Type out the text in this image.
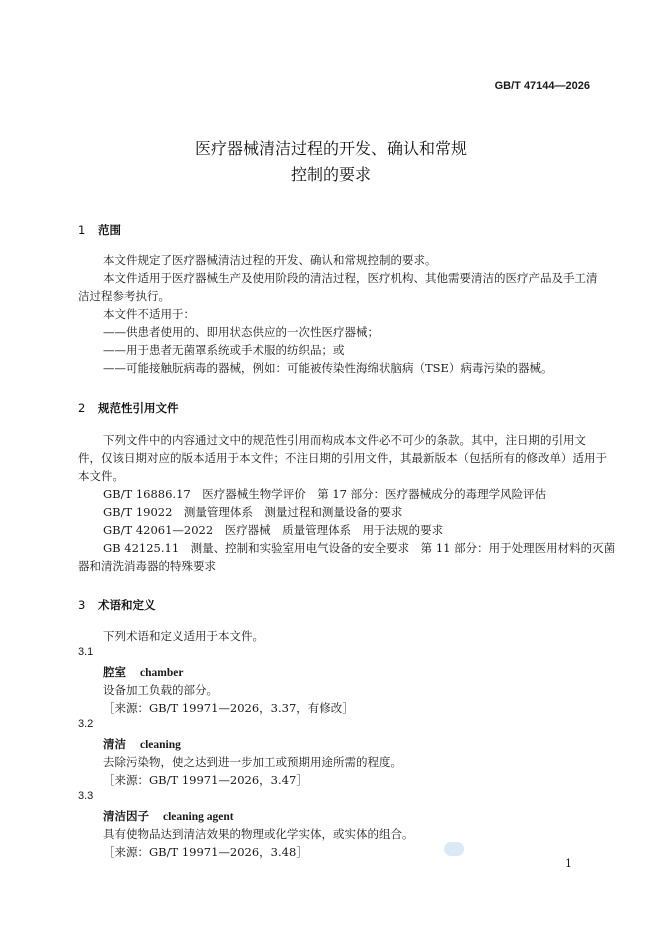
GB/T 47144—2026
医疗器械清洁过程的开发、确认和常规
控制的要求
1 范围
本文件规定了医疗器械清洁过程的开发、确认和常规控制的要求。
本文件适用于医疗器械生产及使用阶段的清洁过程，医疗机构、其他需要清洁的医疗产品及手工清
洁过程参考执行。
本文件不适用于：
——供患者使用的、即用状态供应的一次性医疗器械；
——用于患者无菌罩系统或手术服的纺织品；或
——可能接触朊病毒的器械，例如：可能被传染性海绵状脑病（TSE）病毒污染的器械。
2 规范性引用文件
下列文件中的内容通过文中的规范性引用而构成本文件必不可少的条款。其中，注日期的引用文
件，仅该日期对应的版本适用于本文件；不注日期的引用文件，其最新版本（包括所有的修改单）适用于
本文件。
GB/T 16886.17　医疗器械生物学评价　第 17 部分：医疗器械成分的毒理学风险评估
GB/T 19022　测量管理体系　测量过程和测量设备的要求
GB/T 42061—2022　医疗器械　质量管理体系　用于法规的要求
GB 42125.11　测量、控制和实验室用电气设备的安全要求　第 11 部分：用于处理医用材料的灭菌
器和清洗消毒器的特殊要求
3 术语和定义
下列术语和定义适用于本文件。
3.1
腔室 chamber
设备加工负载的部分。
［来源：GB/T 19971—2026，3.37，有修改］
3.2
清洁 cleaning
去除污染物，使之达到进一步加工或预期用途所需的程度。
［来源：GB/T 19971—2026，3.47］
3.3
清洁因子 cleaning agent
具有使物品达到清洁效果的物理或化学实体，或实体的组合。
［来源：GB/T 19971—2026，3.48］
1
